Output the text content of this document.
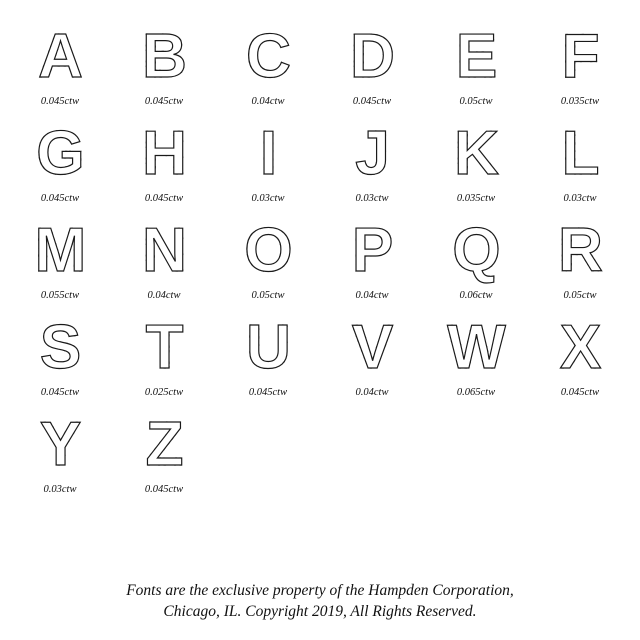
A
0.045ctw
B
0.045ctw
C
0.04ctw
D
0.045ctw
E
0.05ctw
F
0.035ctw
G
0.045ctw
H
0.045ctw
I
0.03ctw
J
0.03ctw
K
0.035ctw
L
0.03ctw
M
0.055ctw
N
0.04ctw
O
0.05ctw
P
0.04ctw
Q
0.06ctw
R
0.05ctw
S
0.045ctw
T
0.025ctw
U
0.045ctw
V
0.04ctw
W
0.065ctw
X
0.045ctw
Y
0.03ctw
Z
0.045ctw
Fonts are the exclusive property of the Hampden Corporation,
Chicago, IL. Copyright 2019, All Rights Reserved.
